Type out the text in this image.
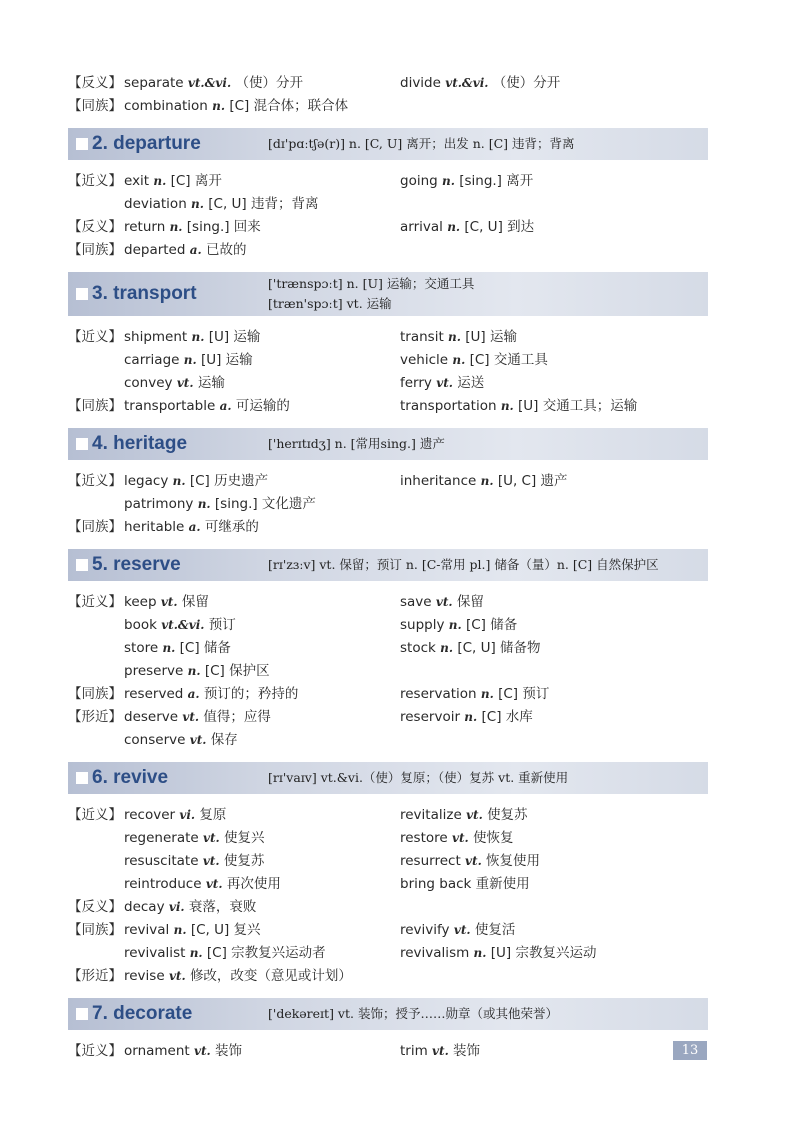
【反义】 separate vt.&vi. （使）分开	divide vt.&vi. （使）分开
【同族】 combination n. [C] 混合体；联合体
2. departure	[dɪ'pɑːtʃə(r)] n. [C, U] 离开；出发 n. [C] 违背；背离
【近义】 exit n. [C] 离开	going n. [sing.] 离开
deviation n. [C, U] 违背；背离
【反义】 return n. [sing.] 回来	arrival n. [C, U] 到达
【同族】 departed a. 已故的
3. transport	['trænspɔːt] n. [U] 运输；交通工具
[træn'spɔːt] vt. 运输
【近义】 shipment n. [U] 运输	transit n. [U] 运输
carriage n. [U] 运输	vehicle n. [C] 交通工具
convey vt. 运输	ferry vt. 运送
【同族】 transportable a. 可运输的	transportation n. [U] 交通工具；运输
4. heritage	['herɪtɪdʒ] n. [常用sing.] 遗产
【近义】 legacy n. [C] 历史遗产	inheritance n. [U, C] 遗产
patrimony n. [sing.] 文化遗产
【同族】 heritable a. 可继承的
5. reserve	[rɪ'zɜːv] vt. 保留；预订 n. [C-常用 pl.] 储备（量）n. [C] 自然保护区
【近义】 keep vt. 保留	save vt. 保留
book vt.&vi. 预订	supply n. [C] 储备
store n. [C] 储备	stock n. [C, U] 储备物
preserve n. [C] 保护区
【同族】 reserved a. 预订的；矜持的	reservation n. [C] 预订
【形近】 deserve vt. 值得；应得	reservoir n. [C] 水库
conserve vt. 保存
6. revive	[rɪ'vaɪv] vt.&vi.（使）复原；（使）复苏 vt. 重新使用
【近义】 recover vi. 复原	revitalize vt. 使复苏
regenerate vt. 使复兴	restore vt. 使恢复
resuscitate vt. 使复苏	resurrect vt. 恢复使用
reintroduce vt. 再次使用	bring back 重新使用
【反义】 decay vi. 衰落，衰败
【同族】 revival n. [C, U] 复兴	revivify vt. 使复活
revivalist n. [C] 宗教复兴运动者	revivalism n. [U] 宗教复兴运动
【形近】 revise vt. 修改，改变（意见或计划）
7. decorate	['dekəreɪt] vt. 装饰；授予……勋章（或其他荣誉）
【近义】 ornament vt. 装饰	trim vt. 装饰	13
